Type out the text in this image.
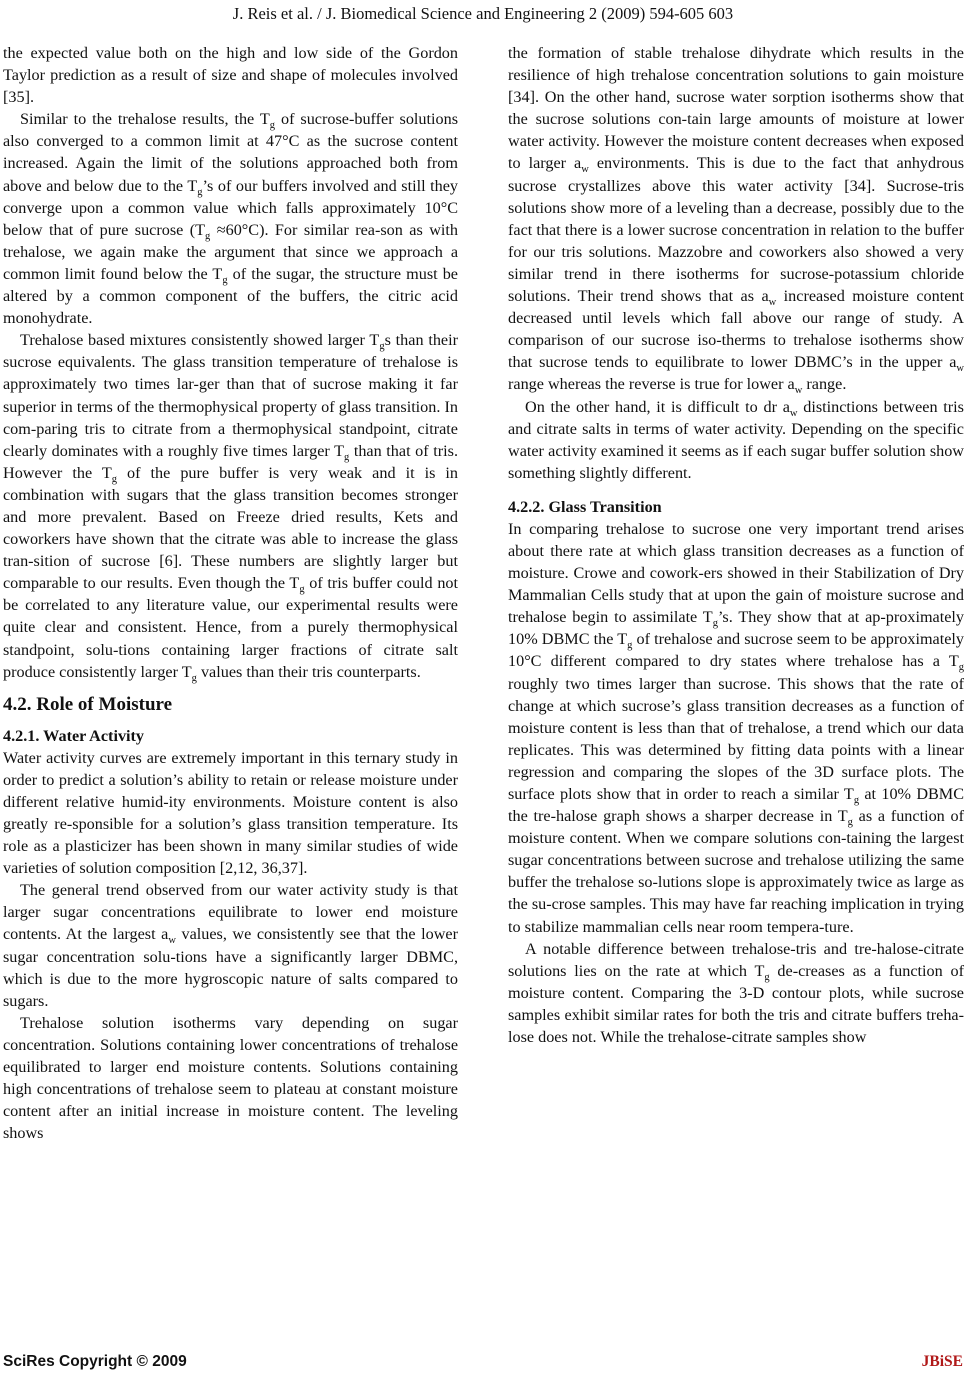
J. Reis et al. / J. Biomedical Science and Engineering 2 (2009) 594-605 603

the expected value both on the high and low side of the Gordon Taylor prediction as a result of size and shape of molecules involved [35].

Similar to the trehalose results, the $T_g$ of sucrose-buffer solutions also converged to a common limit at 47°C as the sucrose content increased. Again the limit of the solutions approached both from above and below due to the $T_g’s$ of our buffers involved and still they converge upon a common value which falls approximately 10°C below that of pure sucrose $(T_g \approx 60^\circ C)$. For similar rea-son as with trehalose, we again make the argument that since we approach a common limit found below the $T_g$ of the sugar, the structure must be altered by a common component of the buffers, the citric acid monohydrate.

Trehalose based mixtures consistently showed larger $T_gs$ than their sucrose equivalents. The glass transition temperature of trehalose is approximately two times lar-ger than that of sucrose making it far superior in terms of the thermophysical property of glass transition. In com-paring tris to citrate from a thermophysical standpoint, citrate clearly dominates with a roughly five times larger $T_g$ than that of tris. However the $T_g$ of the pure buffer is very weak and it is in combination with sugars that the glass transition becomes stronger and more prevalent. Based on Freeze dried results, Kets and coworkers have shown that the citrate was able to increase the glass tran-sition of sucrose [6]. These numbers are slightly larger but comparable to our results. Even though the $T_g$ of tris buffer could not be correlated to any literature value, our experimental results were quite clear and consistent. Hence, from a purely thermophysical standpoint, solu-tions containing larger fractions of citrate salt produce consistently larger $T_g$ values than their tris counterparts.

4.2. Role of Moisture
4.2.1. Water Activity

Water activity curves are extremely important in this ternary study in order to predict a solution’s ability to retain or release moisture under different relative humid-ity environments. Moisture content is also greatly re-sponsible for a solution’s glass transition temperature. Its role as a plasticizer has been shown in many similar studies of wide varieties of solution composition [2,12, 36,37].

The general trend observed from our water activity study is that larger sugar concentrations equilibrate to lower end moisture contents. At the largest $a_w$ values, we consistently see that the lower sugar concentration solu-tions have a significantly larger DBMC, which is due to the more hygroscopic nature of salts compared to sugars.

Trehalose solution isotherms vary depending on sugar concentration. Solutions containing lower concentrations of trehalose equilibrated to larger end moisture contents. Solutions containing high concentrations of trehalose seem to plateau at constant moisture content after an initial increase in moisture content. The leveling shows

the formation of stable trehalose dihydrate which results in the resilience of high trehalose concentration solutions to gain moisture [34]. On the other hand, sucrose water sorption isotherms show that the sucrose solutions con-tain large amounts of moisture at lower water activity. However the moisture content decreases when exposed to larger $a_w$ environments. This is due to the fact that anhydrous sucrose crystallizes above this water activity [34]. Sucrose-tris solutions show more of a leveling than a decrease, possibly due to the fact that there is a lower sucrose concentration in relation to the buffer for our tris solutions. Mazzobre and coworkers also showed a very similar trend in there isotherms for sucrose-potassium chloride solutions. Their trend shows that as $a_w$ increased moisture content decreased until levels which fall above our range of study. A comparison of our sucrose iso-therms to trehalose isotherms show that sucrose tends to equilibrate to lower DBMC’s in the upper $a_w$ range whereas the reverse is true for lower $a_w$ range.

On the other hand, it is difficult to dr $a_w$ distinctions between tris and citrate salts in terms of water activity. Depending on the specific water activity examined it seems as if each sugar buffer solution show something slightly different.

4.2.2. Glass Transition

In comparing trehalose to sucrose one very important trend arises about there rate at which glass transition decreases as a function of moisture. Crowe and cowork-ers showed in their Stabilization of Dry Mammalian Cells study that at upon the gain of moisture sucrose and trehalose begin to assimilate $T_g’s$. They show that at ap-proximately 10% DBMC the $T_g$ of trehalose and sucrose seem to be approximately 10°C different compared to dry states where trehalose has a $T_g$ roughly two times larger than sucrose. This shows that the rate of change at which sucrose’s glass transition decreases as a function of moisture content is less than that of trehalose, a trend which our data replicates. This was determined by fitting data points with a linear regression and comparing the slopes of the 3D surface plots. The surface plots show that in order to reach a similar $T_g$ at 10% DBMC the tre-halose graph shows a sharper decrease in $T_g$ as a function of moisture content. When we compare solutions con-taining the largest sugar concentrations between sucrose and trehalose utilizing the same buffer the trehalose so-lutions slope is approximately twice as large as the su-crose samples. This may have far reaching implication in trying to stabilize mammalian cells near room tempera-ture.

A notable difference between trehalose-tris and tre-halose-citrate solutions lies on the rate at which $T_g$ de-creases as a function of moisture content. Comparing the 3-D contour plots, while sucrose samples exhibit similar rates for both the tris and citrate buffers treha-lose does not. While the trehalose-citrate samples show

SciRes Copyright © 2009	JBiSE
